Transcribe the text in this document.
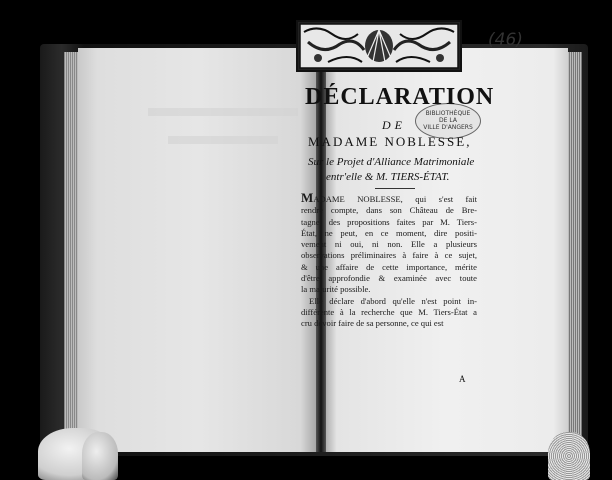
(46)
BIBLIOTHÈQUE
DE LA
VILLE D'ANGERS
DÉCLARATION
DE
MADAME NOBLESSE,
Sur le Projet d'Alliance Matrimoniale
entr'elle & M. TIERS-ÉTAT.
MADAME NOBLESSE, qui s'est fait
rendre compte, dans son Château de Bre-
tagne, des propositions faites par M. Tiers-
État, ne peut, en ce moment, dire positi-
vement ni oui, ni non. Elle a plusieurs
observations préliminaires à faire à ce sujet,
& une affaire de cette importance, mérite
d'être approfondie & examinée avec toute
la maturité possible.
Elle déclare d'abord qu'elle n'est point in-
différente à la recherche que M. Tiers-État a
cru devoir faire de sa personne, ce qui est
A
